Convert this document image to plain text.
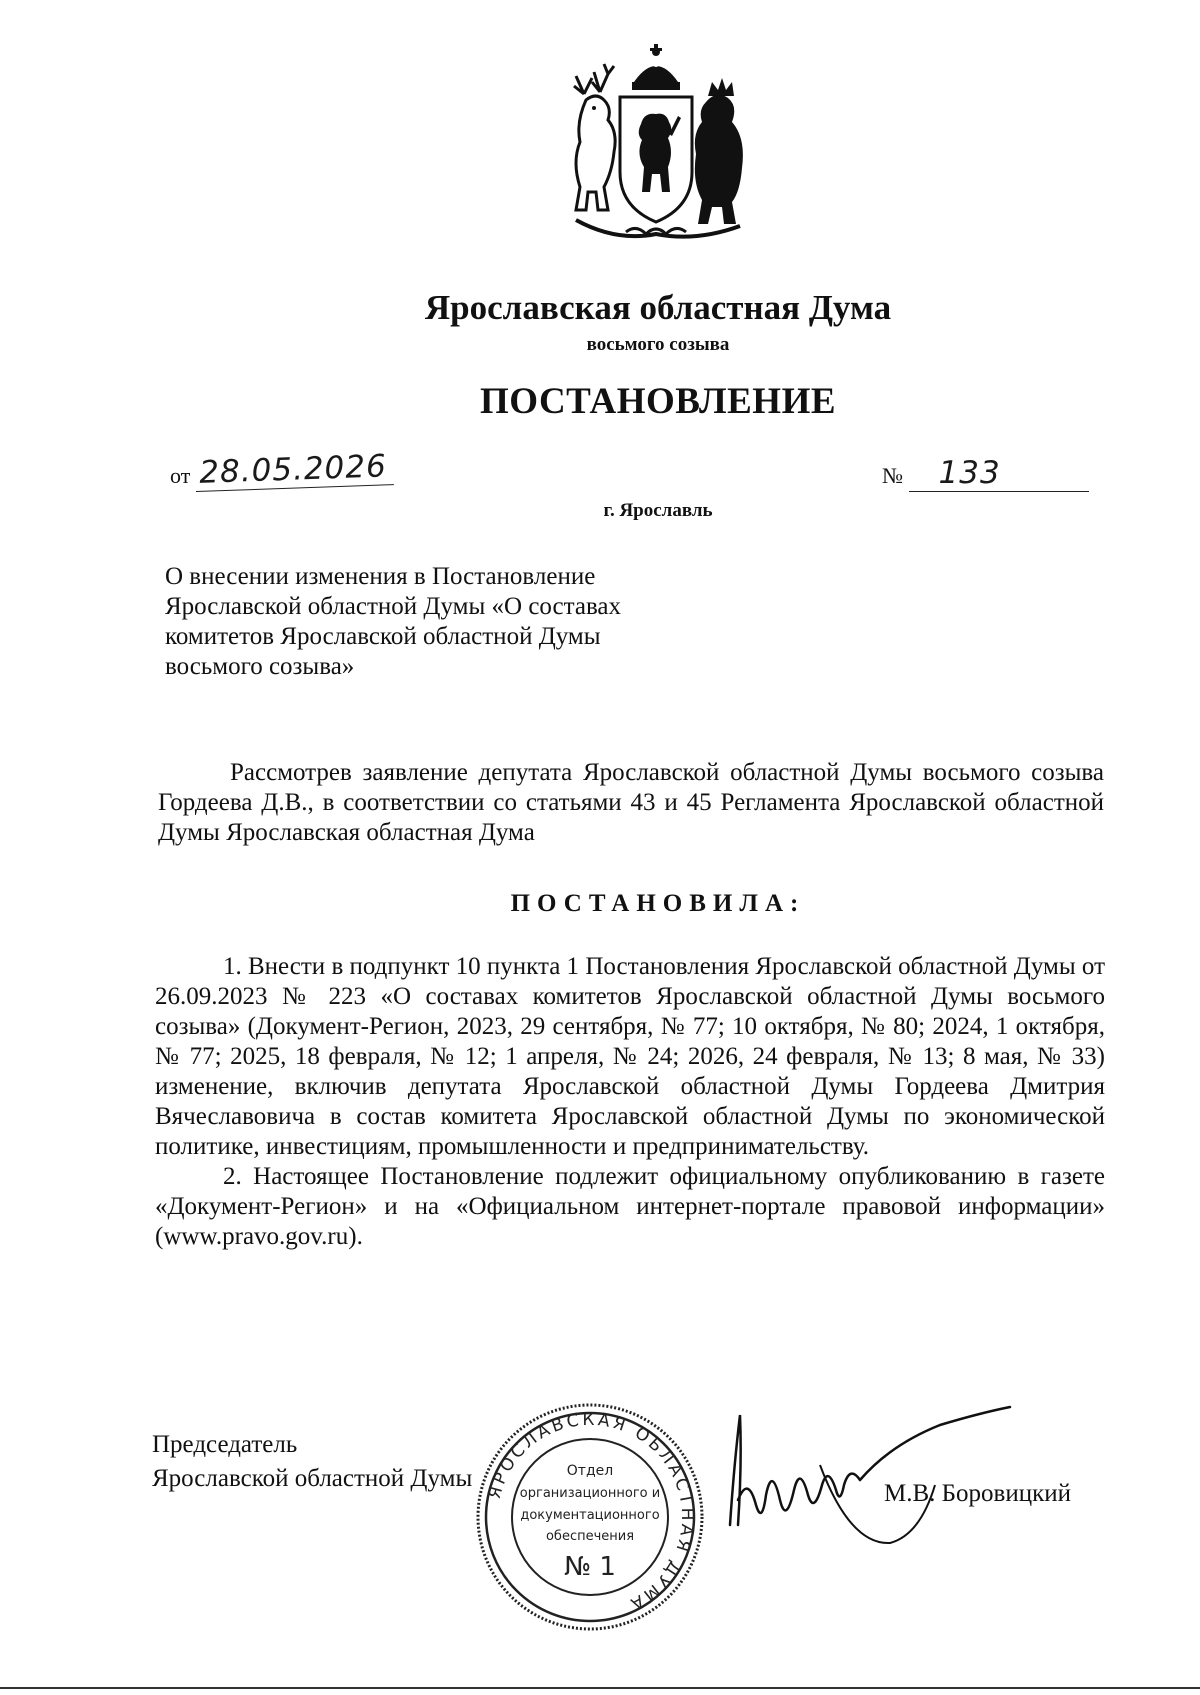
Ярославская областная Дума
восьмого созыва
ПОСТАНОВЛЕНИЕ
от 28.05.2026	№ 133
г. Ярославль
О внесении изменения в Постановление
Ярославской областной Думы «О составах
комитетов Ярославской областной Думы
восьмого созыва»
Рассмотрев заявление депутата Ярославской областной Думы восьмого созыва Гордеева Д.В., в соответствии со статьями 43 и 45 Регламента Ярославской областной Думы Ярославская областная Дума
ПОСТАНОВИЛА:

1. Внести в подпункт 10 пункта 1 Постановления Ярославской областной Думы от 26.09.2023 № 223 «О составах комитетов Ярославской областной Думы восьмого созыва» (Документ-Регион, 2023, 29 сентября, № 77; 10 октября, № 80; 2024, 1 октября, № 77; 2025, 18 февраля, № 12; 1 апреля, № 24; 2026, 24 февраля, № 13; 8 мая, № 33) изменение, включив депутата Ярославской областной Думы Гордеева Дмитрия Вячеславовича в состав комитета Ярославской областной Думы по экономической политике, инвестициям, промышленности и предпринимательству.

2. Настоящее Постановление подлежит официальному опубликованию в газете «Документ-Регион» и на «Официальном интернет-портале правовой информации» (www.pravo.gov.ru).

Председатель
Ярославской областной Думы ЯРОСЛАВСКАЯ ОБЛАСТНАЯ ДУМА
Отдел
организационного и
документационного
обеспечения
№ 1
М.В. Боровицкий
